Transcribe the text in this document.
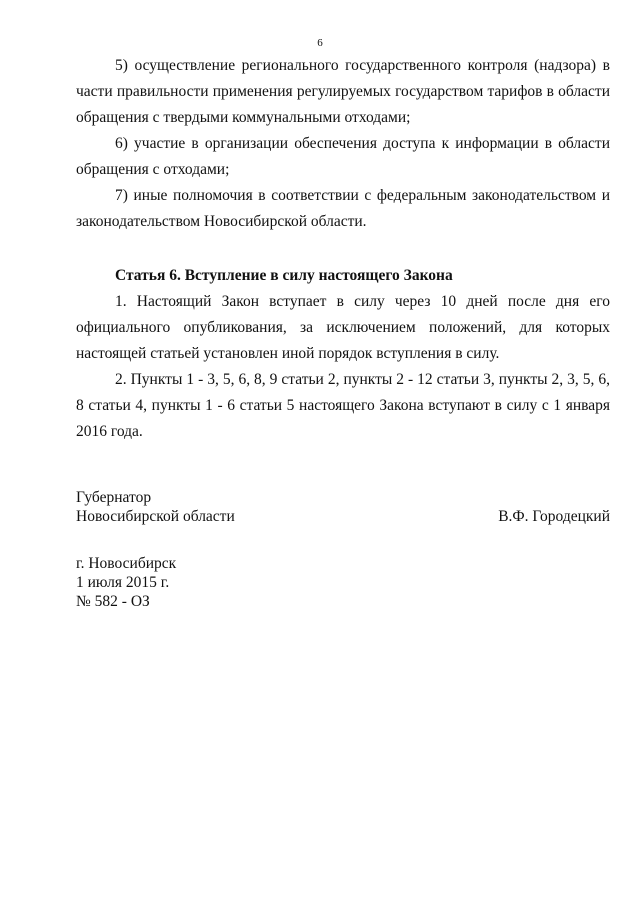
6

5) осуществление регионального государственного контроля (надзора) в части правильности применения регулируемых государством тарифов в области обращения с твердыми коммунальными отходами;

6) участие в организации обеспечения доступа к информации в области обращения с отходами;

7) иные полномочия в соответствии с федеральным законодательством и законодательством Новосибирской области.

Статья 6. Вступление в силу настоящего Закона

1. Настоящий Закон вступает в силу через 10 дней после дня его официального опубликования, за исключением положений, для которых настоящей статьей установлен иной порядок вступления в силу.

2. Пункты 1 - 3, 5, 6, 8, 9 статьи 2, пункты 2 - 12 статьи 3, пункты 2, 3, 5, 6, 8 статьи 4, пункты 1 - 6 статьи 5 настоящего Закона вступают в силу с 1 января 2016 года.

Губернатор
Новосибирской области	В.Ф. Городецкий
г. Новосибирск
1 июля 2015 г.
№ 582 - ОЗ
